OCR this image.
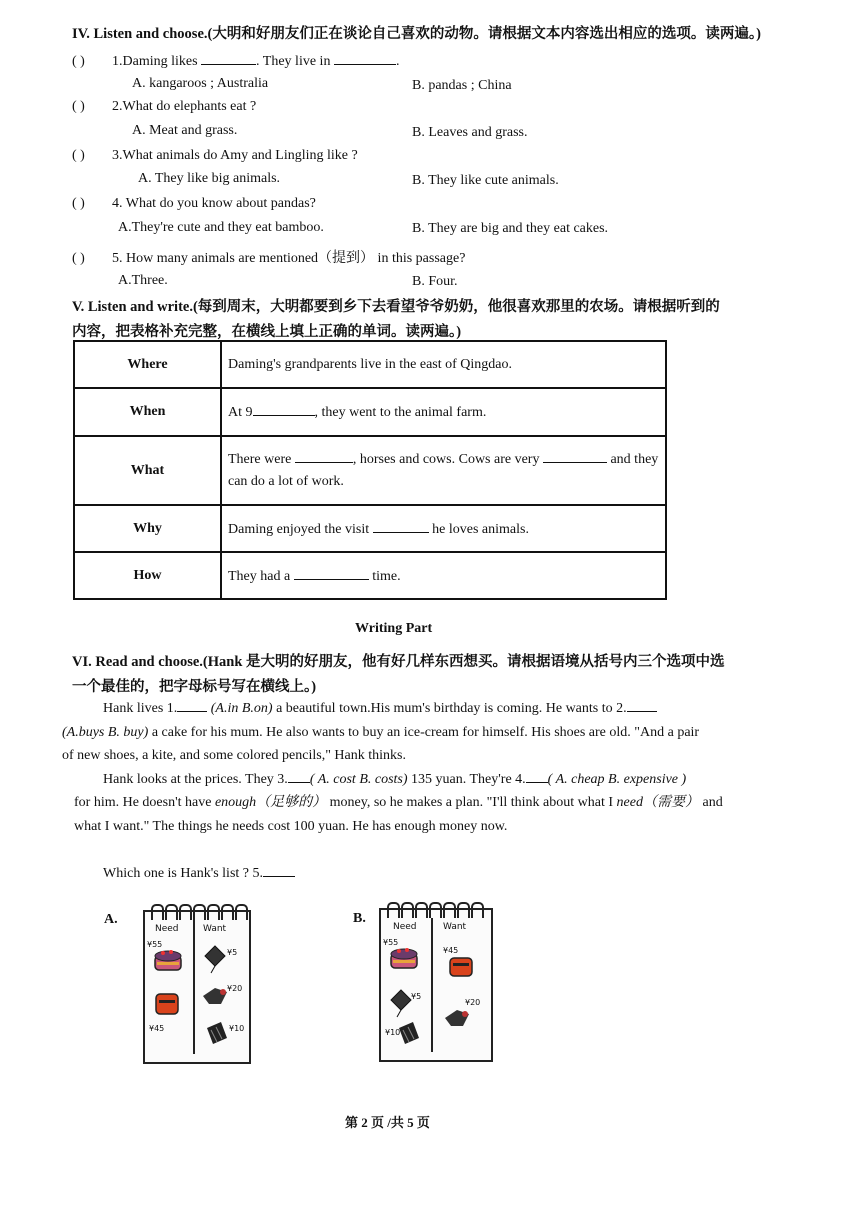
IV. Listen and choose.(大明和好朋友们正在谈论自己喜欢的动物。请根据文本内容选出相应的选项。读两遍。)
( ) 1.Daming likes	. They live in	.
A. kangaroos ; Australia	B. pandas ; China
( ) 2.What do elephants eat ?
A. Meat and grass.	B. Leaves and grass.
( ) 3.What animals do Amy and Lingling like ?
A. They like big animals.	B. They like cute animals.
( ) 4. What do you know about pandas?
A.They're cute and they eat bamboo.	B. They are big and they eat cakes.
( ) 5. How many animals are mentioned（提到） in this passage?
A.Three.	B. Four.
V. Listen and write.(每到周末，大明都要到乡下去看望爷爷奶奶，他很喜欢那里的农场。请根据听到的
内容，把表格补充完整，在横线上填上正确的单词。读两遍。)
Where	Daming's grandparents live in the east of Qingdao.
When	At 9 , they went to the animal farm.
What	There were , horses and cows. Cows are very and they
can do a lot of work.
Why	Daming enjoyed the visit he loves animals.
How	They had a time.
Writing Part
VI. Read and choose.(Hank 是大明的好朋友，他有好几样东西想买。请根据语境从括号内三个选项中选
一个最佳的，把字母标号写在横线上。)
Hank lives 1. (A.in B.on) a beautiful town.His mum's birthday is coming. He wants to 2.
(A.buys B. buy) a cake for his mum. He also wants to buy an ice-cream for himself. His shoes are old. "And a pair
of new shoes, a kite, and some colored pencils," Hank thinks.
Hank looks at the prices. They 3. ( A. cost B. costs) 135 yuan. They're 4. ( A. cheap B. expensive )
for him. He doesn't have enough（足够的） money, so he makes a plan. "I'll think about what I need（需要） and
what I want." The things he needs cost 100 yuan. He has enough money now.
Which one is Hank's list ? 5.
A.
Need	Want
¥55
¥5
¥20
¥45	¥10
B.
Need	Want
¥55
¥45
¥5
¥20
¥10
第 2 页 /共 5 页
